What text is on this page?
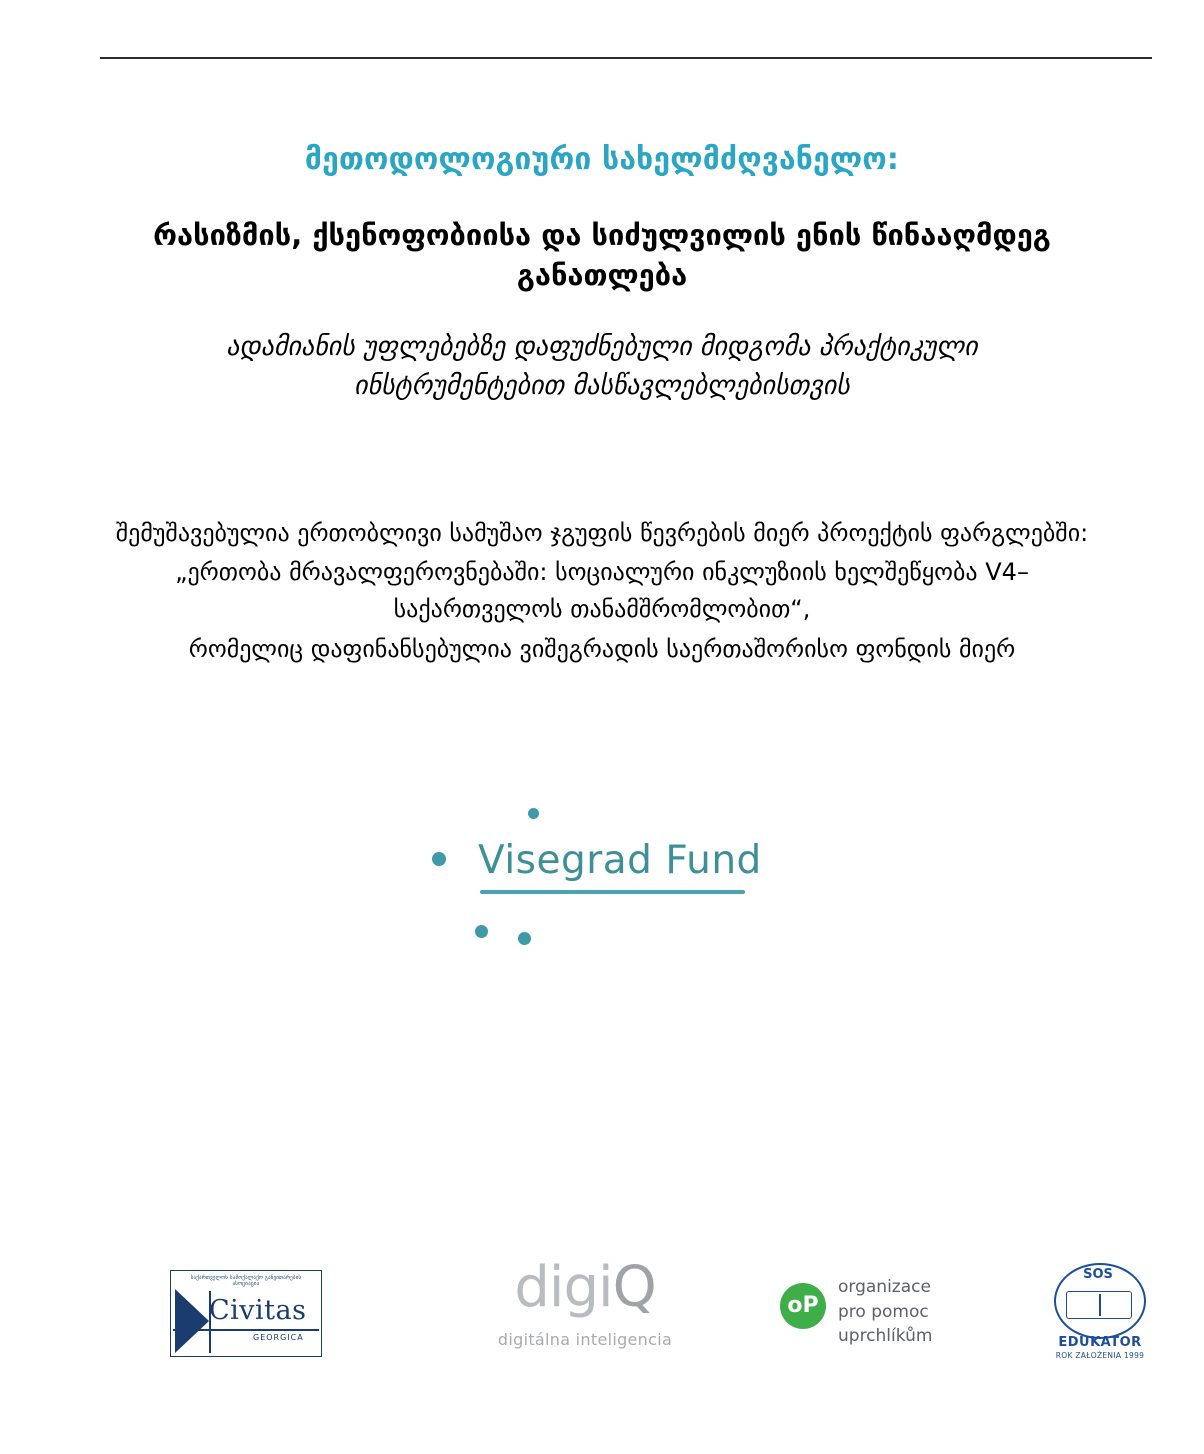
მეთოდოლოგიური სახელმძღვანელო:
რასიზმის, ქსენოფობიისა და სიძულვილის ენის წინააღმდეგ განათლება
ადამიანის უფლებებზე დაფუძნებული მიდგომა პრაქტიკული ინსტრუმენტებით მასწავლებლებისთვის

შემუშავებულია ერთობლივი სამუშაო ჯგუფის წევრების მიერ პროექტის ფარგლებში:

„ერთობა მრავალფეროვნებაში: სოციალური ინკლუზიის ხელშეწყობა V4–საქართველოს თანამშრომლობით“,

რომელიც დაფინანსებულია ვიშეგრადის საერთაშორისო ფონდის მიერ

Visegrad Fund
საქართველოს სამოქალაქო განვითარების ასოციაცია
Civitas
GEORGICA
digiQ
digitálna inteligencia
oP
organizace
pro pomoc
uprchlíkům
SOS
EDUKATOR
ROK ZAŁOŻENIA 1999
